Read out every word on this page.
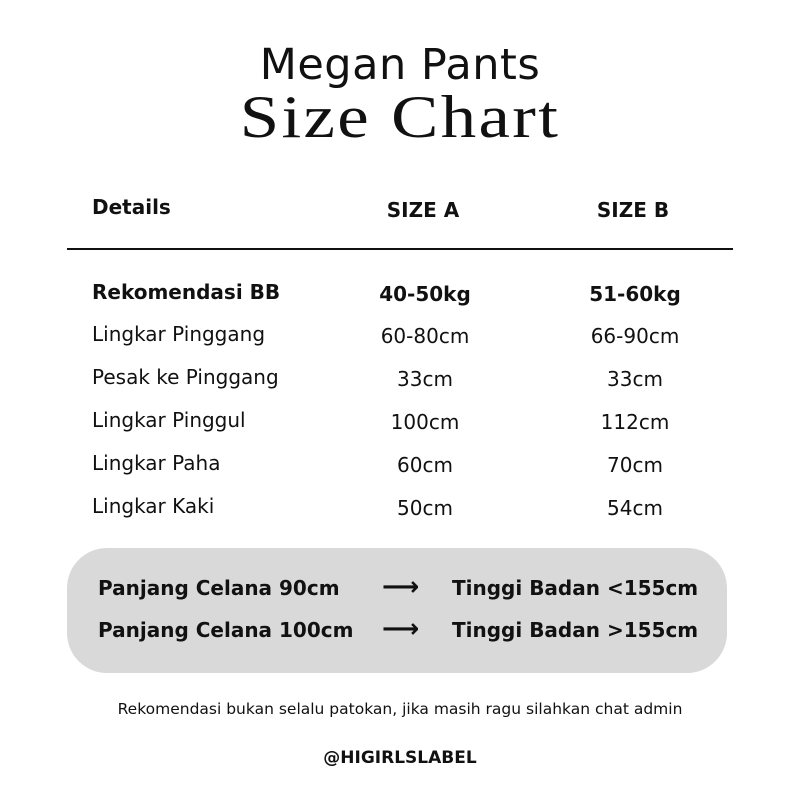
Megan Pants
Size Chart
Details	SIZE A	SIZE B
Rekomendasi BB	40-50kg	51-60kg
Lingkar Pinggang	60-80cm	66-90cm
Pesak ke Pinggang	33cm	33cm
Lingkar Pinggul	100cm	112cm
Lingkar Paha	60cm	70cm
Lingkar Kaki	50cm	54cm
Panjang Celana 90cm ⟶ Tinggi Badan <155cm
Panjang Celana 100cm ⟶ Tinggi Badan >155cm
Rekomendasi bukan selalu patokan, jika masih ragu silahkan chat admin
@HIGIRLSLABEL
